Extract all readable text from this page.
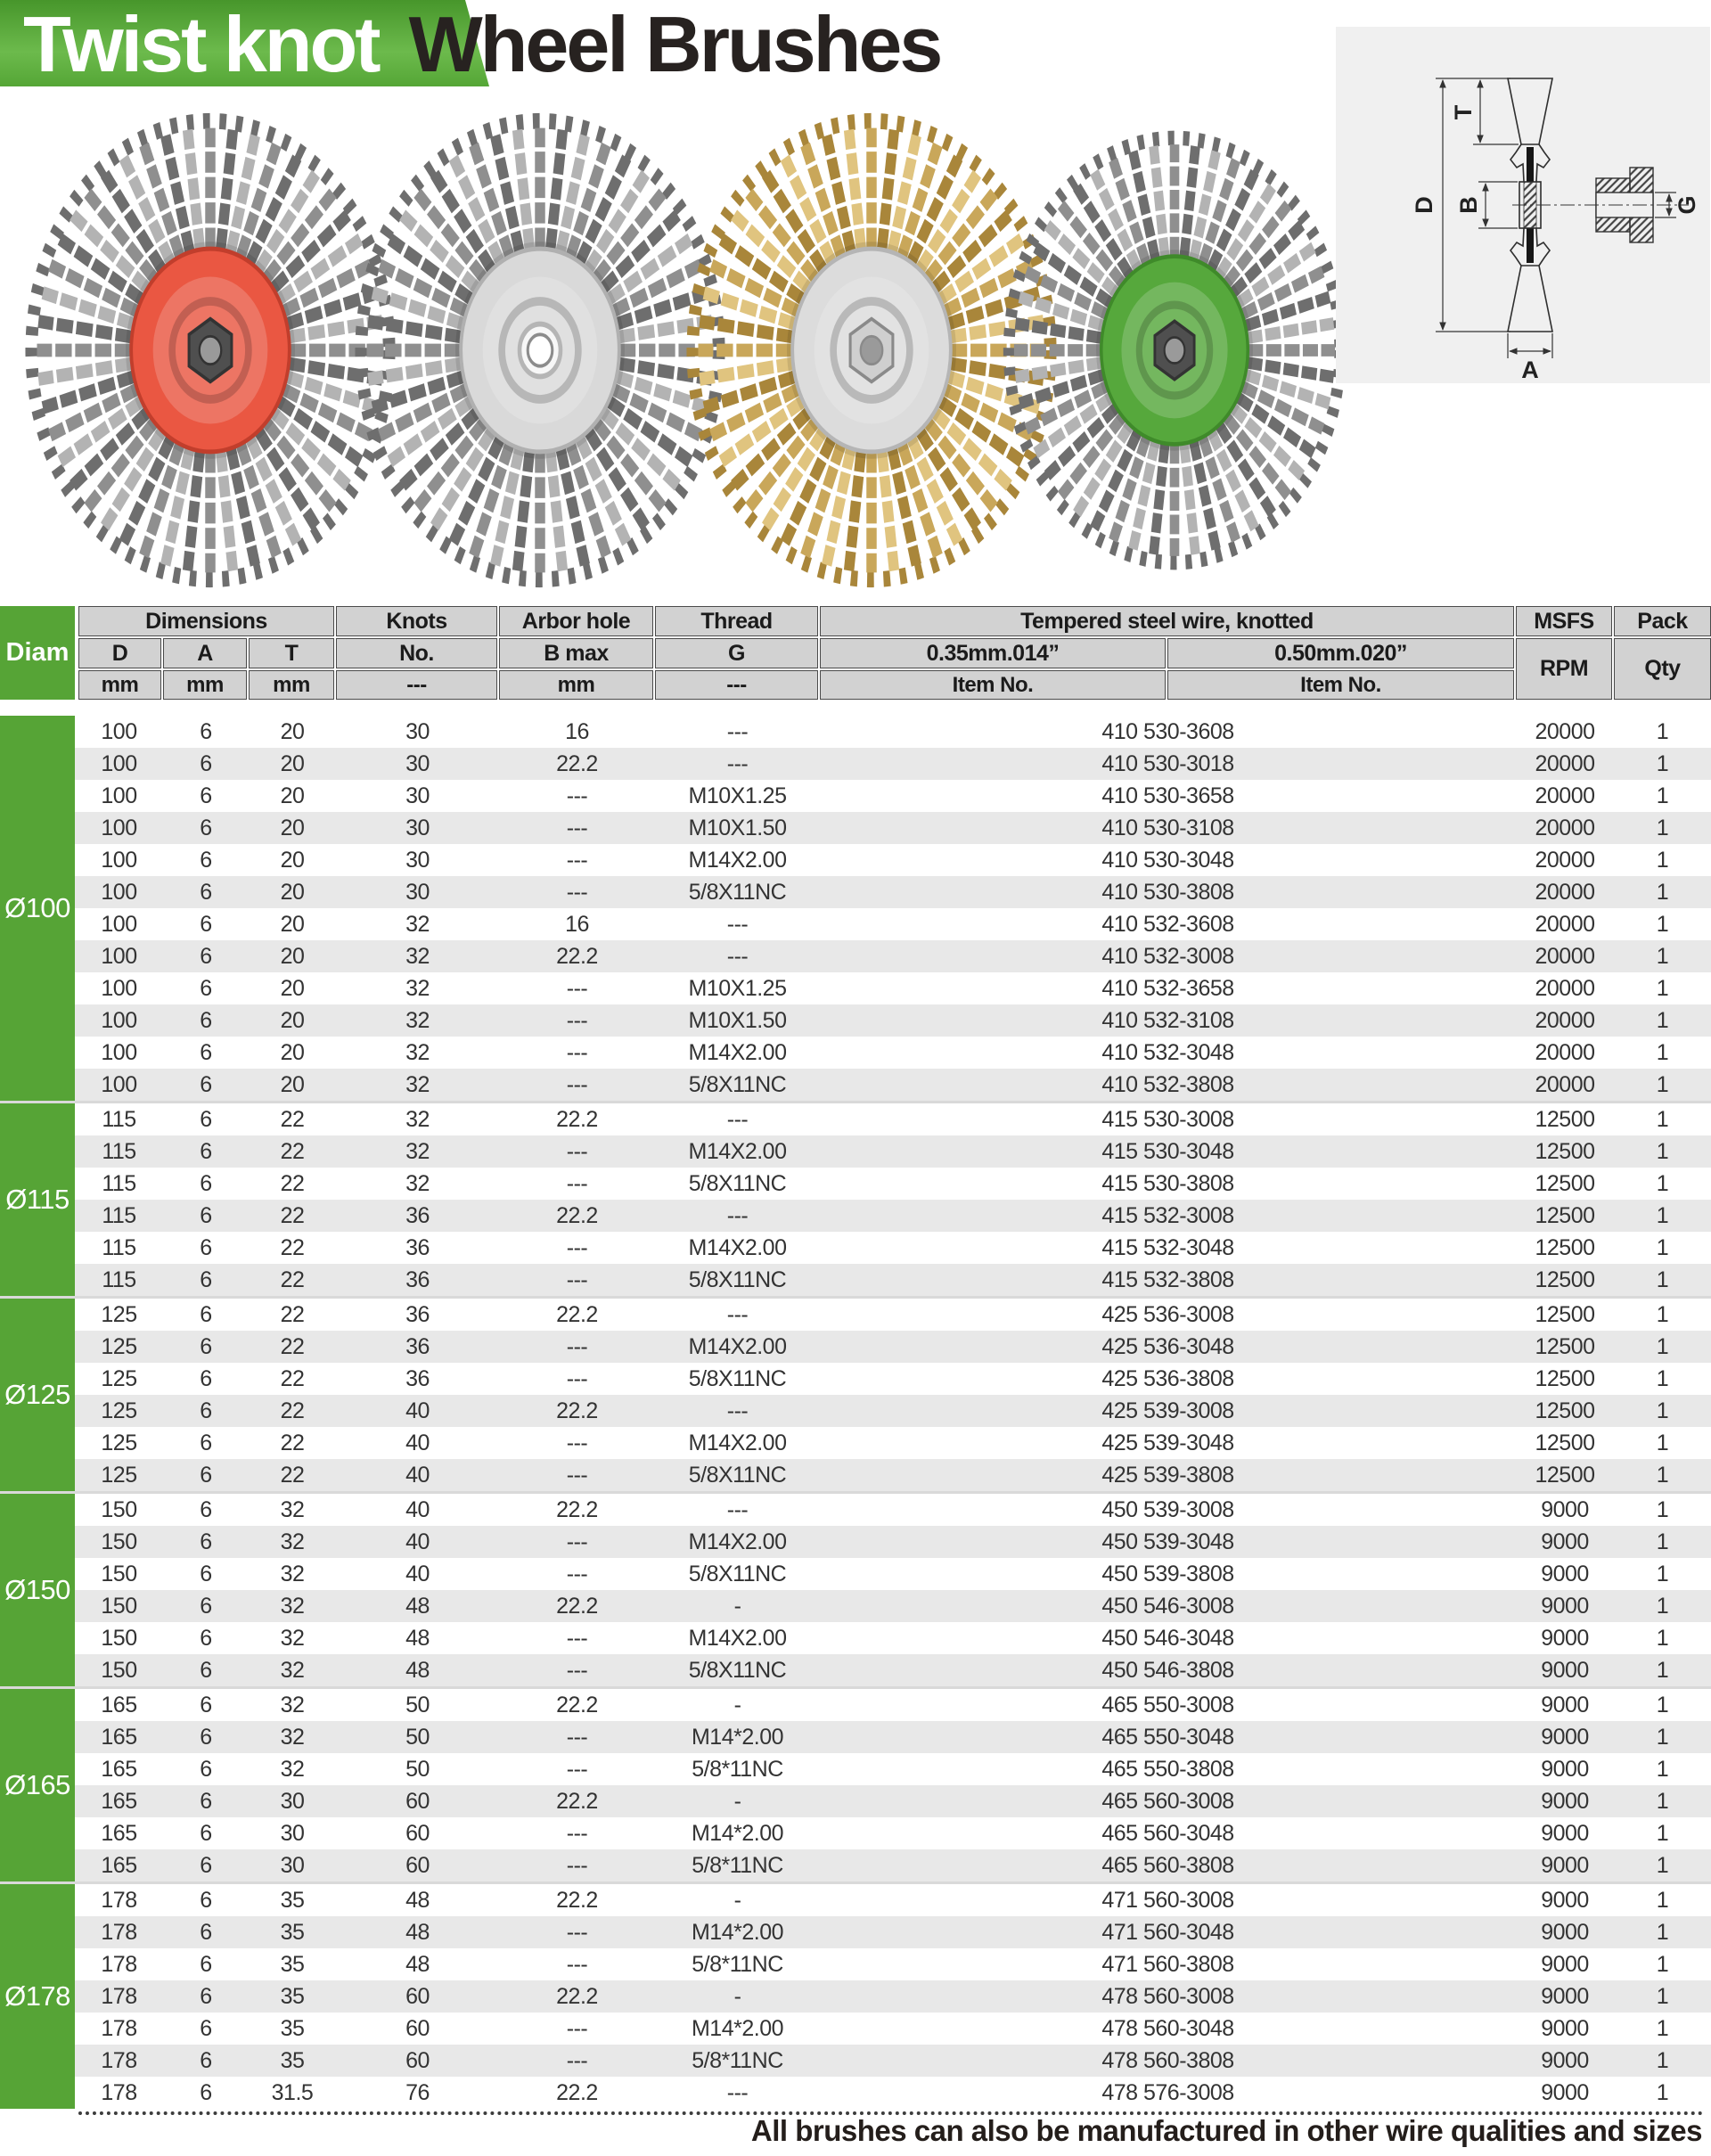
Twist knot Wheel Brushes
D
T
B	G
A
Diam
Dimensions	Knots	Arbor hole	Thread	Tempered steel wire, knotted	MSFS	Pack
D	A	T	No.	B max	G	0.35mm.014”	0.50mm.020”
RPM	Qty
mm	mm	mm	---	mm	---	Item No.	Item No.
Ø100
100	6	20	30	16	---	410 530-3608	20000	1
100	6	20	30	22.2	---	410 530-3018	20000	1
100	6	20	30	---	M10X1.25	410 530-3658	20000	1
100	6	20	30	---	M10X1.50	410 530-3108	20000	1
100	6	20	30	---	M14X2.00	410 530-3048	20000	1
100	6	20	30	---	5/8X11NC	410 530-3808	20000	1
100	6	20	32	16	---	410 532-3608	20000	1
100	6	20	32	22.2	---	410 532-3008	20000	1
100	6	20	32	---	M10X1.25	410 532-3658	20000	1
100	6	20	32	---	M10X1.50	410 532-3108	20000	1
100	6	20	32	---	M14X2.00	410 532-3048	20000	1
100	6	20	32	---	5/8X11NC	410 532-3808	20000	1
Ø115
115	6	22	32	22.2	---	415 530-3008	12500	1
115	6	22	32	---	M14X2.00	415 530-3048	12500	1
115	6	22	32	---	5/8X11NC	415 530-3808	12500	1
115	6	22	36	22.2	---	415 532-3008	12500	1
115	6	22	36	---	M14X2.00	415 532-3048	12500	1
115	6	22	36	---	5/8X11NC	415 532-3808	12500	1
Ø125
125	6	22	36	22.2	---	425 536-3008	12500	1
125	6	22	36	---	M14X2.00	425 536-3048	12500	1
125	6	22	36	---	5/8X11NC	425 536-3808	12500	1
125	6	22	40	22.2	---	425 539-3008	12500	1
125	6	22	40	---	M14X2.00	425 539-3048	12500	1
125	6	22	40	---	5/8X11NC	425 539-3808	12500	1
Ø150
150	6	32	40	22.2	---	450 539-3008	9000	1
150	6	32	40	---	M14X2.00	450 539-3048	9000	1
150	6	32	40	---	5/8X11NC	450 539-3808	9000	1
150	6	32	48	22.2	-	450 546-3008	9000	1
150	6	32	48	---	M14X2.00	450 546-3048	9000	1
150	6	32	48	---	5/8X11NC	450 546-3808	9000	1
Ø165
165	6	32	50	22.2	-	465 550-3008	9000	1
165	6	32	50	---	M14*2.00	465 550-3048	9000	1
165	6	32	50	---	5/8*11NC	465 550-3808	9000	1
165	6	30	60	22.2	-	465 560-3008	9000	1
165	6	30	60	---	M14*2.00	465 560-3048	9000	1
165	6	30	60	---	5/8*11NC	465 560-3808	9000	1
Ø178
178	6	35	48	22.2	-	471 560-3008	9000	1
178	6	35	48	---	M14*2.00	471 560-3048	9000	1
178	6	35	48	---	5/8*11NC	471 560-3808	9000	1
178	6	35	60	22.2	-	478 560-3008	9000	1
178	6	35	60	---	M14*2.00	478 560-3048	9000	1
178	6	35	60	---	5/8*11NC	478 560-3808	9000	1
178	6	31.5	76	22.2	---	478 576-3008	9000	1
All brushes can also be manufactured in other wire qualities and sizes
